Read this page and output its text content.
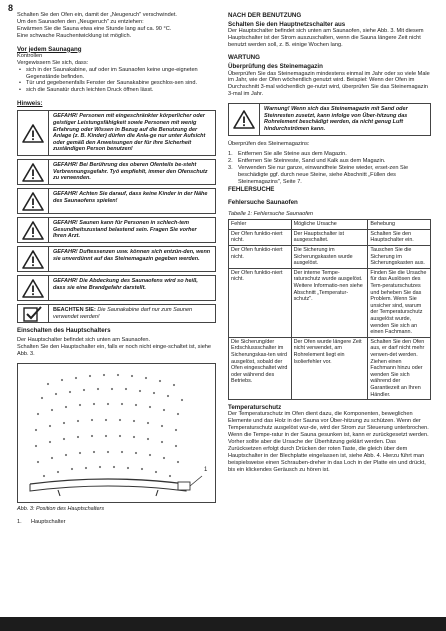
8
Schalten Sie den Ofen ein, damit der „Neugeruch" verschwindet.
Um den Saunaofen den „Neugeruch" zu entziehen:
Erwärmen Sie die Sauna etwa eine Stunde lang auf ca. 90 °C.
Eine schwache Rauchentwicklung ist möglich.
Vor jedem Saunagang
Kontrollen
Vergewissern Sie sich, dass:
• sich in der Saunakabine, auf oder im Saunaofen keine unge-eigneten Gegenstände befinden.
• Tür und gegebenenfalls Fenster der Saunakabine geschlos-sen sind.
• sich die Saunatür durch leichten Druck öffnen lässt.
Hinweis:
GEFAHR! Personen mit eingeschränkter körperlicher oder geistiger Leistungsfähigkeit sowie Personen mit wenig Erfahrung oder Wissen in Bezug auf die Benutzung der Anlage (z. B. Kinder) dürfen die Anla-ge nur unter Aufsicht oder gemäß den Anweisungen der für ihre Sicherheit zuständigen Person benutzen!
GEFAHR! Bei Berührung des oberen Ofenteils be-steht Verbrennungsgefahr. Työ empfiehlt, immer den Ofenschutz zu verwenden.
GEFAHR! Achten Sie darauf, dass keine Kinder in der Nähe des Saunaofens spielen!
GEFAHR! Saunen kann für Personen in schlech-tem Gesundheitszustand belastend sein. Fragen Sie vorher Ihren Arzt.
GEFAHR! Duftessenzen usw. können sich entzün-den, wenn sie unverdünnt auf das Steinemagazin gegeben werden.
GEFAHR! Die Abdeckung des Saunaofens wird so heiß, dass sie eine Brandgefahr darstellt.
BEACHTEN SIE: Die Saunakabine darf nur zum Saunen verwendet werden!
Einschalten des Hauptschalters
Der Hauptschalter befindet sich unten am Saunaofen.
Schalten Sie den Hauptschalter ein, falls er noch nicht einge-schaltet ist, siehe Abb. 3.
1
Abb. 3: Position des Hauptschalters
1.	Hauptschalter
NACH DER BENUTZUNG
Schalten Sie den Hauptnetzschalter aus
Der Hauptschalter befindet sich unten am Saunaofen, siehe Abb. 3. Mit diesem Hauptschalter ist der Strom auszuschalten, wenn die Sauna längere Zeit nicht benutzt werden soll, z. B. einige Wochen lang.
WARTUNG
Überprüfung des Steinemagazin
Überprüfen Sie das Steinemagazin mindestens einmal im Jahr oder so viele Male im Jahr, wie der Ofen wöchentlich genutzt wird. Beispiel: Wenn der Ofen im Durchschnitt 3-mal wöchentlich ge-nutzt wird, überprüfen Sie das Steinemagazin 3-mal im Jahr.
Warnung! Wenn sich das Steinemagazin mit Sand oder Steinresten zusetzt, kann infolge von Über-hitzung das Rohrelement beschädigt werden, da nicht genug Luft hindurchströmen kann.
Überprüfen des Steinemagazins:
1. Entfernen Sie alle Steine aus dem Magazin.
2. Entfernen Sie Steinreste, Sand und Kalk aus dem Magazin.
3. Verwenden Sie nur ganze, einwandfreie Steine wieder, erset-zen Sie beschädigte ggf. durch neue Steine, siehe Abschnitt „Füllen des Steinemagazins", Seite 7.
FEHLERSUCHE
Fehlersuche Saunaofen
Tabelle 1: Fehlersuche Saunaofen
Fehler	Mögliche Ursache	Behebung
Der Ofen funktio-niert nicht.	Der Hauptschalter ist ausgeschaltet.	Schalten Sie den Hauptschalter ein.
Der Ofen funktio-niert nicht.	Die Sicherung im Sicherungskasten wurde ausgelöst.	Tauschen Sie die Sicherung im Sicherungskasten aus.
Der Ofen funktio-niert nicht.	Der interne Tempe-raturschutz wurde ausgelöst. Weitere Informatio-nen siehe Abschnitt „Temperatur-schutz".	Finden Sie die Ursache für das Auslösen des Tem-peraturschutzes und beheben Sie das Problem. Wenn Sie unsicher sind, warum der Temperaturschutz ausgelöst wurde, wenden Sie sich an einen Fachmann.
Die Sicherung/der Erdschlussschalter im Sicherungskas-ten wird ausgelöst, sobald der Ofen eingeschaltet wird oder während des Betriebs.	Der Ofen wurde längere Zeit nicht verwendet, am Rohrelement liegt ein Isolierfehler vor.	Schalten Sie den Ofen aus, er darf nicht mehr verwen-det werden. Ziehen einen Fachmann hinzu oder wenden Sie sich während der Garantiezeit an Ihren Händler.
Temperaturschutz
Der Temperaturschutz im Ofen dient dazu, die Komponenten, beweglichen Elemente und das Holz in der Sauna vor Über-hitzung zu schützen. Wenn der Temperaturschutz ausgelöst wur-de, wird der Strom zur Steuerung unterbrochen. Wenn die Tempe-ratur in der Sauna gesunken ist, kann er zurückgesetzt werden. Vorher sollte aber die Ursache der Überhitzung geklärt werden. Das Zurücksetzen erfolgt durch Drücken der roten Taste, die gleich über dem Hauptschalter in der Blechplatte eingelassen ist, siehe Abb. 4. Hierzu führt man beispielsweise einen Schrauben-dreher in das Loch in der Platte ein und drückt, bis ein klickendes Geräusch zu hören ist.
